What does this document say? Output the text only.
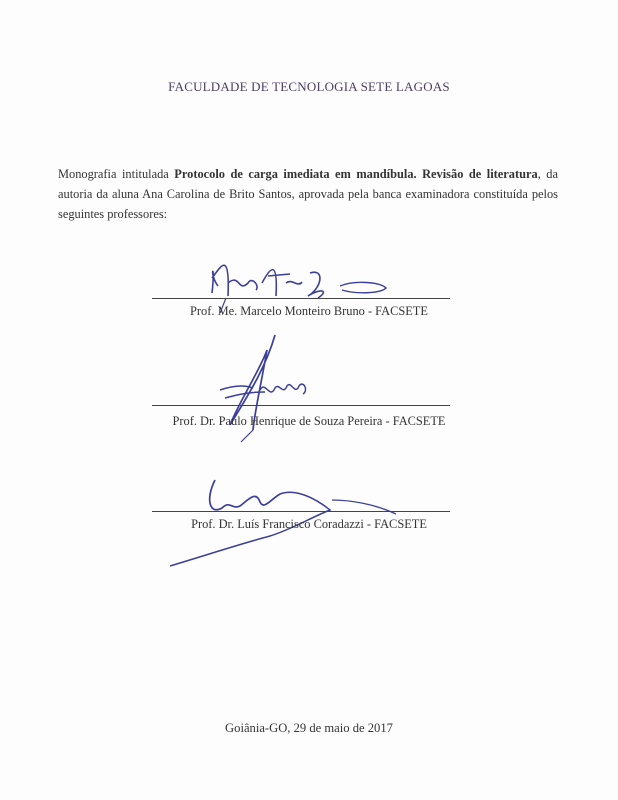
FACULDADE DE TECNOLOGIA SETE LAGOAS
Monografia intitulada Protocolo de carga imediata em mandíbula. Revisão de literatura, da autoria da aluna Ana Carolina de Brito Santos, aprovada pela banca examinadora constituída pelos seguintes professores:
Prof. Me. Marcelo Monteiro Bruno - FACSETE
Prof. Dr. Paulo Henrique de Souza Pereira - FACSETE
Prof. Dr. Luís Francisco Coradazzi - FACSETE
Goiânia-GO, 29 de maio de 2017
